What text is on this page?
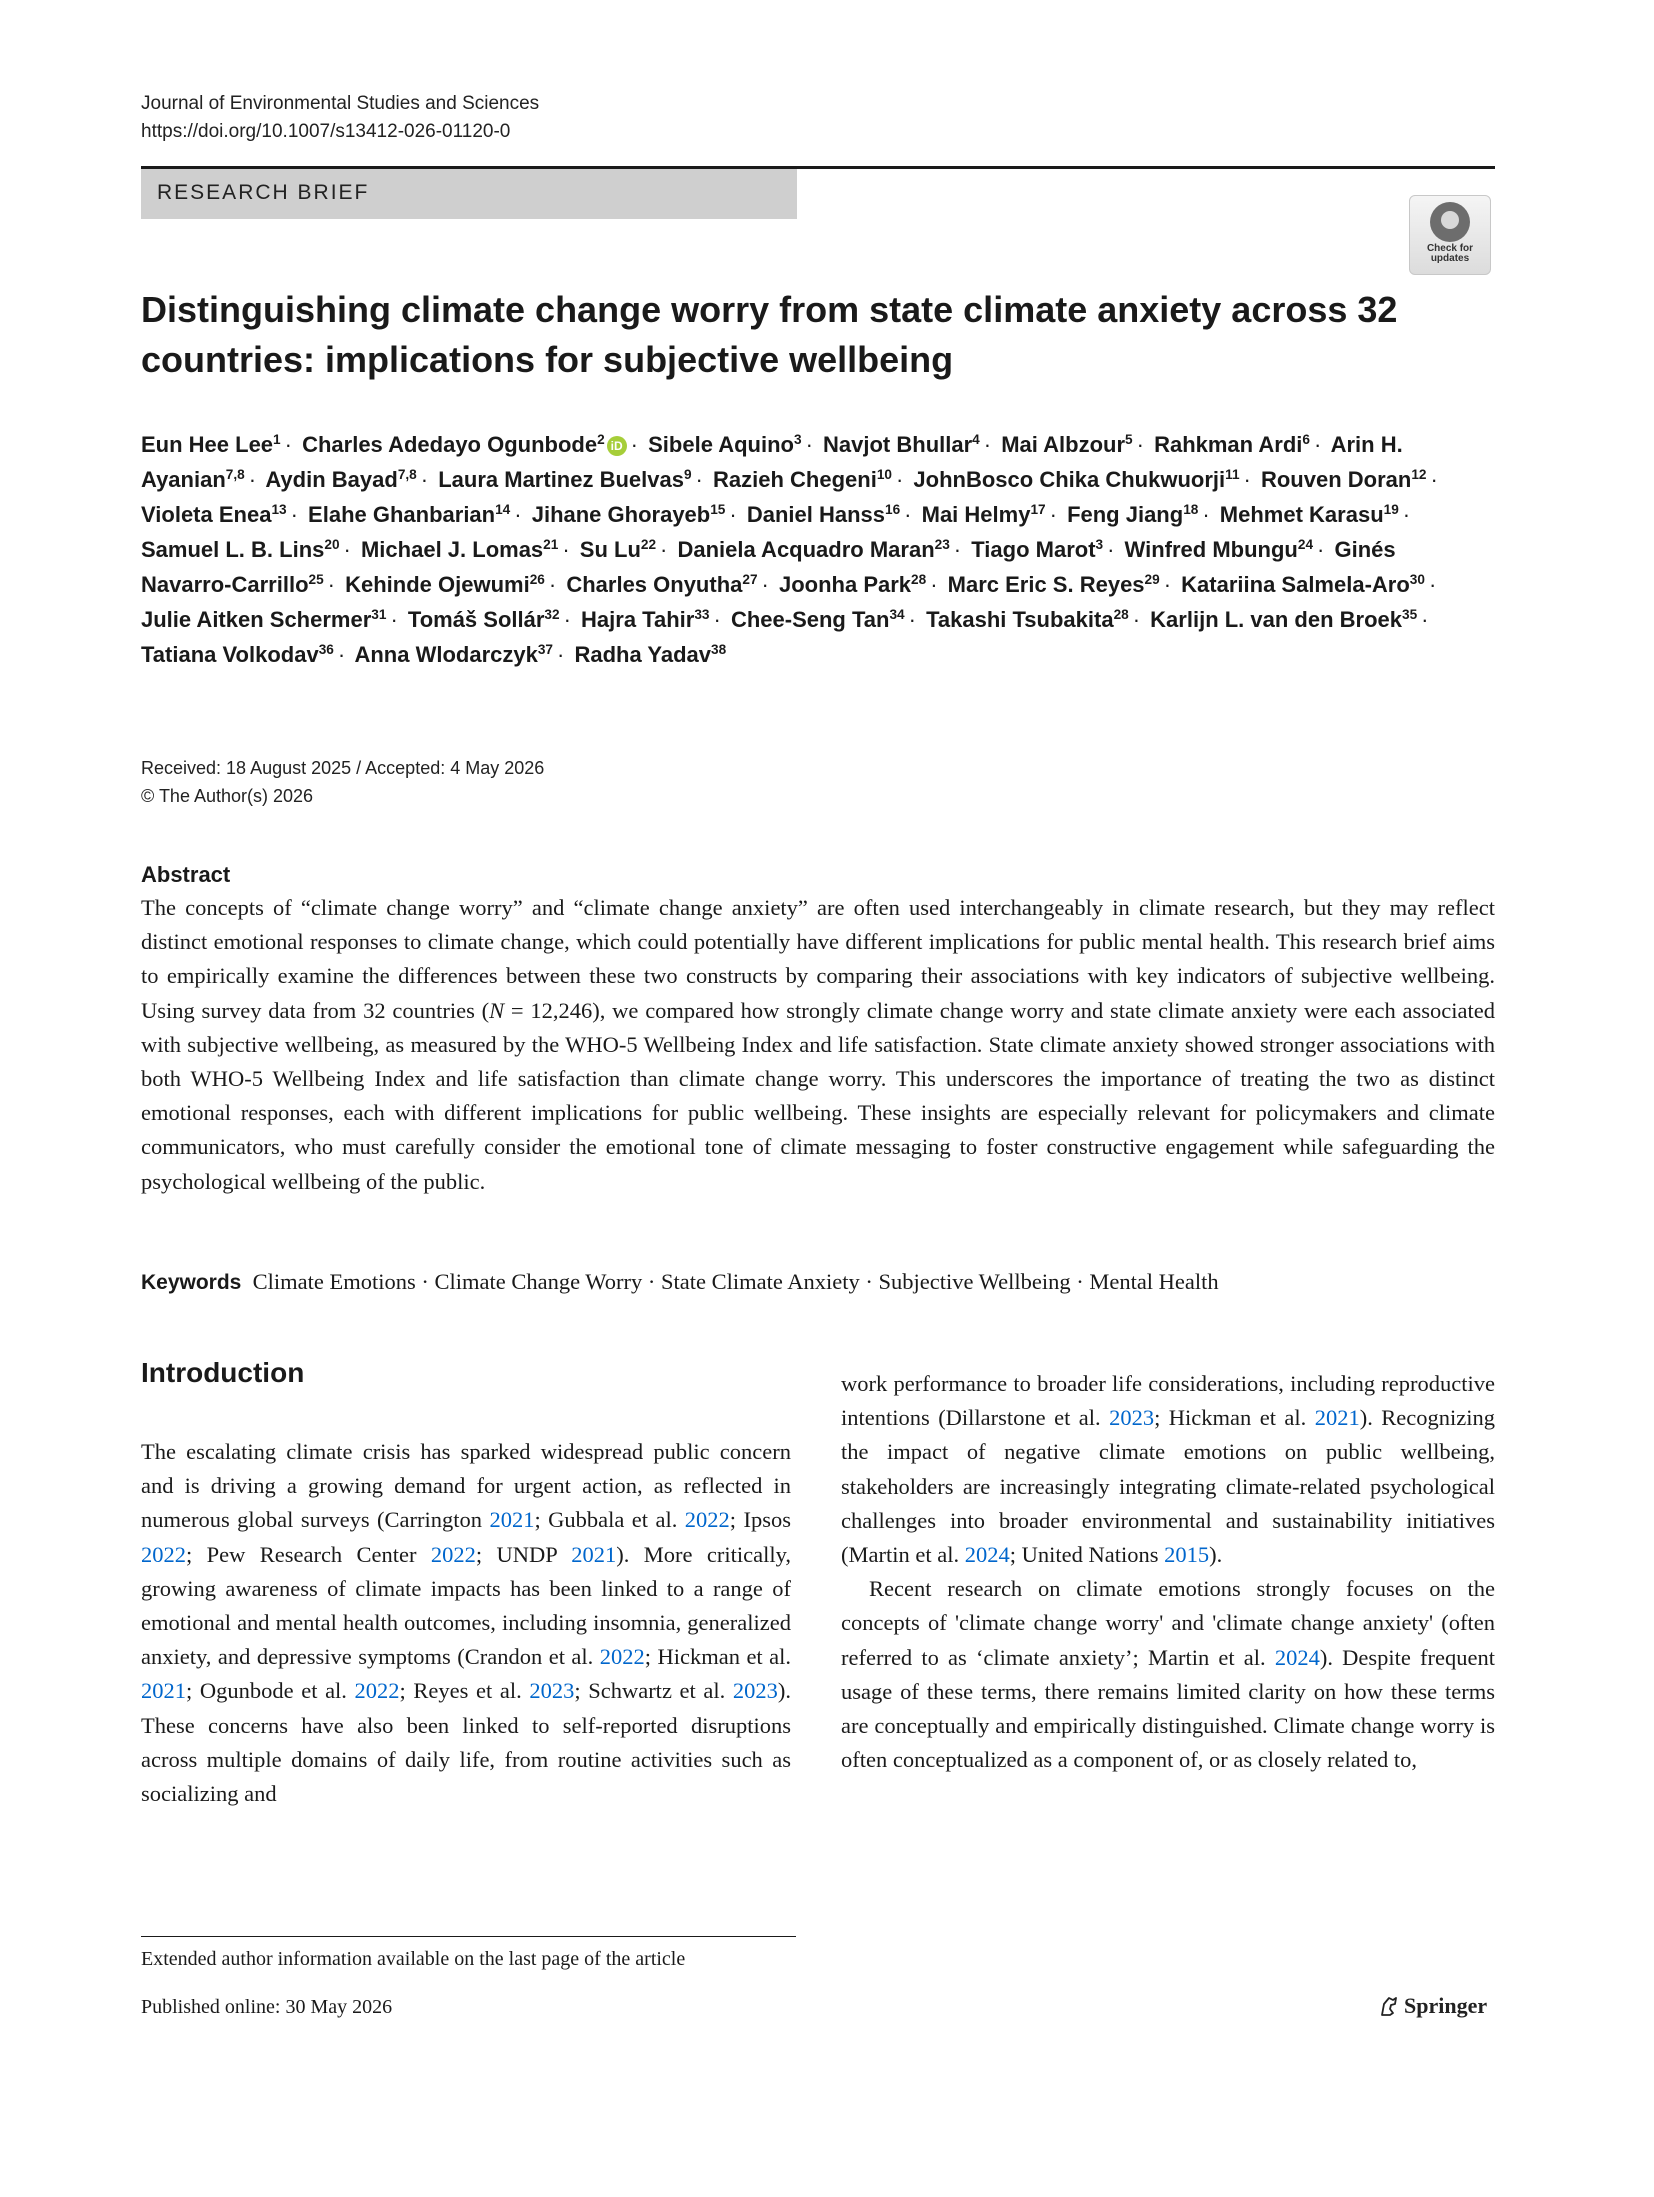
Journal of Environmental Studies and Sciences
https://doi.org/10.1007/s13412-026-01120-0
RESEARCH BRIEF
Check for
updates
Distinguishing climate change worry from state climate anxiety across 32 countries: implications for subjective wellbeing
Eun Hee Lee$^1$ · Charles Adedayo Ogunbode$^2$ iD · Sibele Aquino$^3$ · Navjot Bhullar$^4$ · Mai Albzour$^5$ · Rahkman Ardi$^6$ · Arin H. Ayanian$^{7,8}$ · Aydin Bayad$^{7,8}$ · Laura Martinez Buelvas$^9$ · Razieh Chegeni$^{10}$ · JohnBosco Chika Chukwuorji$^{11}$ · Rouven Doran$^{12}$ · Violeta Enea$^{13}$ · Elahe Ghanbarian$^{14}$ · Jihane Ghorayeb$^{15}$ · Daniel Hanss$^{16}$ · Mai Helmy$^{17}$ · Feng Jiang$^{18}$ · Mehmet Karasu$^{19}$ · Samuel L. B. Lins$^{20}$ · Michael J. Lomas$^{21}$ · Su $Lu^{22}$ · Daniela Acquadro Maran$^{23}$ · Tiago Marot$^3$ · Winfred Mbungu$^{24}$ · Ginés Navarro-Carrillo$^{25}$ · Kehinde Ojewumi$^{26}$ · Charles Onyutha$^{27}$ · Joonha Park$^{28}$ · Marc Eric S. Reyes$^{29}$ · Katariina Salmela-Aro$^{30}$ · Julie Aitken Schermer$^{31}$ · Tomáš Sollár$^{32}$ · Hajra Tahir$^{33}$ · Chee-Seng Tan$^{34}$ · Takashi Tsubakita$^{28}$ · Karlijn L. van den Broek$^{35}$ · Tatiana Volkodav$^{36}$ · Anna Wlodarczyk$^{37}$ · Radha Yadav$^{38}$
Received: 18 August 2025 / Accepted: 4 May 2026
© The Author(s) 2026
Abstract
The concepts of “climate change worry” and “climate change anxiety” are often used interchangeably in climate research, but they may reflect distinct emotional responses to climate change, which could potentially have different implications for public mental health. This research brief aims to empirically examine the differences between these two constructs by comparing their associations with key indicators of subjective wellbeing. Using survey data from 32 countries (N = 12,246), we compared how strongly climate change worry and state climate anxiety were each associated with subjective wellbeing, as measured by the WHO-5 Wellbeing Index and life satisfaction. State climate anxiety showed stronger associations with both WHO-5 Wellbeing Index and life satisfaction than climate change worry. This underscores the importance of treating the two as distinct emotional responses, each with different implications for public wellbeing. These insights are especially relevant for policymakers and climate communicators, who must carefully consider the emotional tone of climate messaging to foster constructive engagement while safeguarding the psychological wellbeing of the public.
Keywords Climate Emotions · Climate Change Worry · State Climate Anxiety · Subjective Wellbeing · Mental Health
Introduction
The escalating climate crisis has sparked widespread public concern and is driving a growing demand for urgent action, as reflected in numerous global surveys (Carrington 2021; Gubbala et al. 2022; Ipsos 2022; Pew Research Center 2022; UNDP 2021). More critically, growing awareness of climate impacts has been linked to a range of emotional and mental health outcomes, including insomnia, generalized anxiety, and depressive symptoms (Crandon et al. 2022; Hickman et al. 2021; Ogunbode et al. 2022; Reyes et al. 2023; Schwartz et al. 2023). These concerns have also been linked to self-reported disruptions across multiple domains of daily life, from routine activities such as socializing and

work performance to broader life considerations, including reproductive intentions (Dillarstone et al. 2023; Hickman et al. 2021). Recognizing the impact of negative climate emotions on public wellbeing, stakeholders are increasingly integrating climate-related psychological challenges into broader environmental and sustainability initiatives (Martin et al. 2024; United Nations 2015).

Recent research on climate emotions strongly focuses on the concepts of 'climate change worry' and 'climate change anxiety' (often referred to as ‘climate anxiety’; Martin et al. 2024). Despite frequent usage of these terms, there remains limited clarity on how these terms are conceptually and empirically distinguished. Climate change worry is often conceptualized as a component of, or as closely related to,

Extended author information available on the last page of the article
Published online: 30 May 2026	Springer
